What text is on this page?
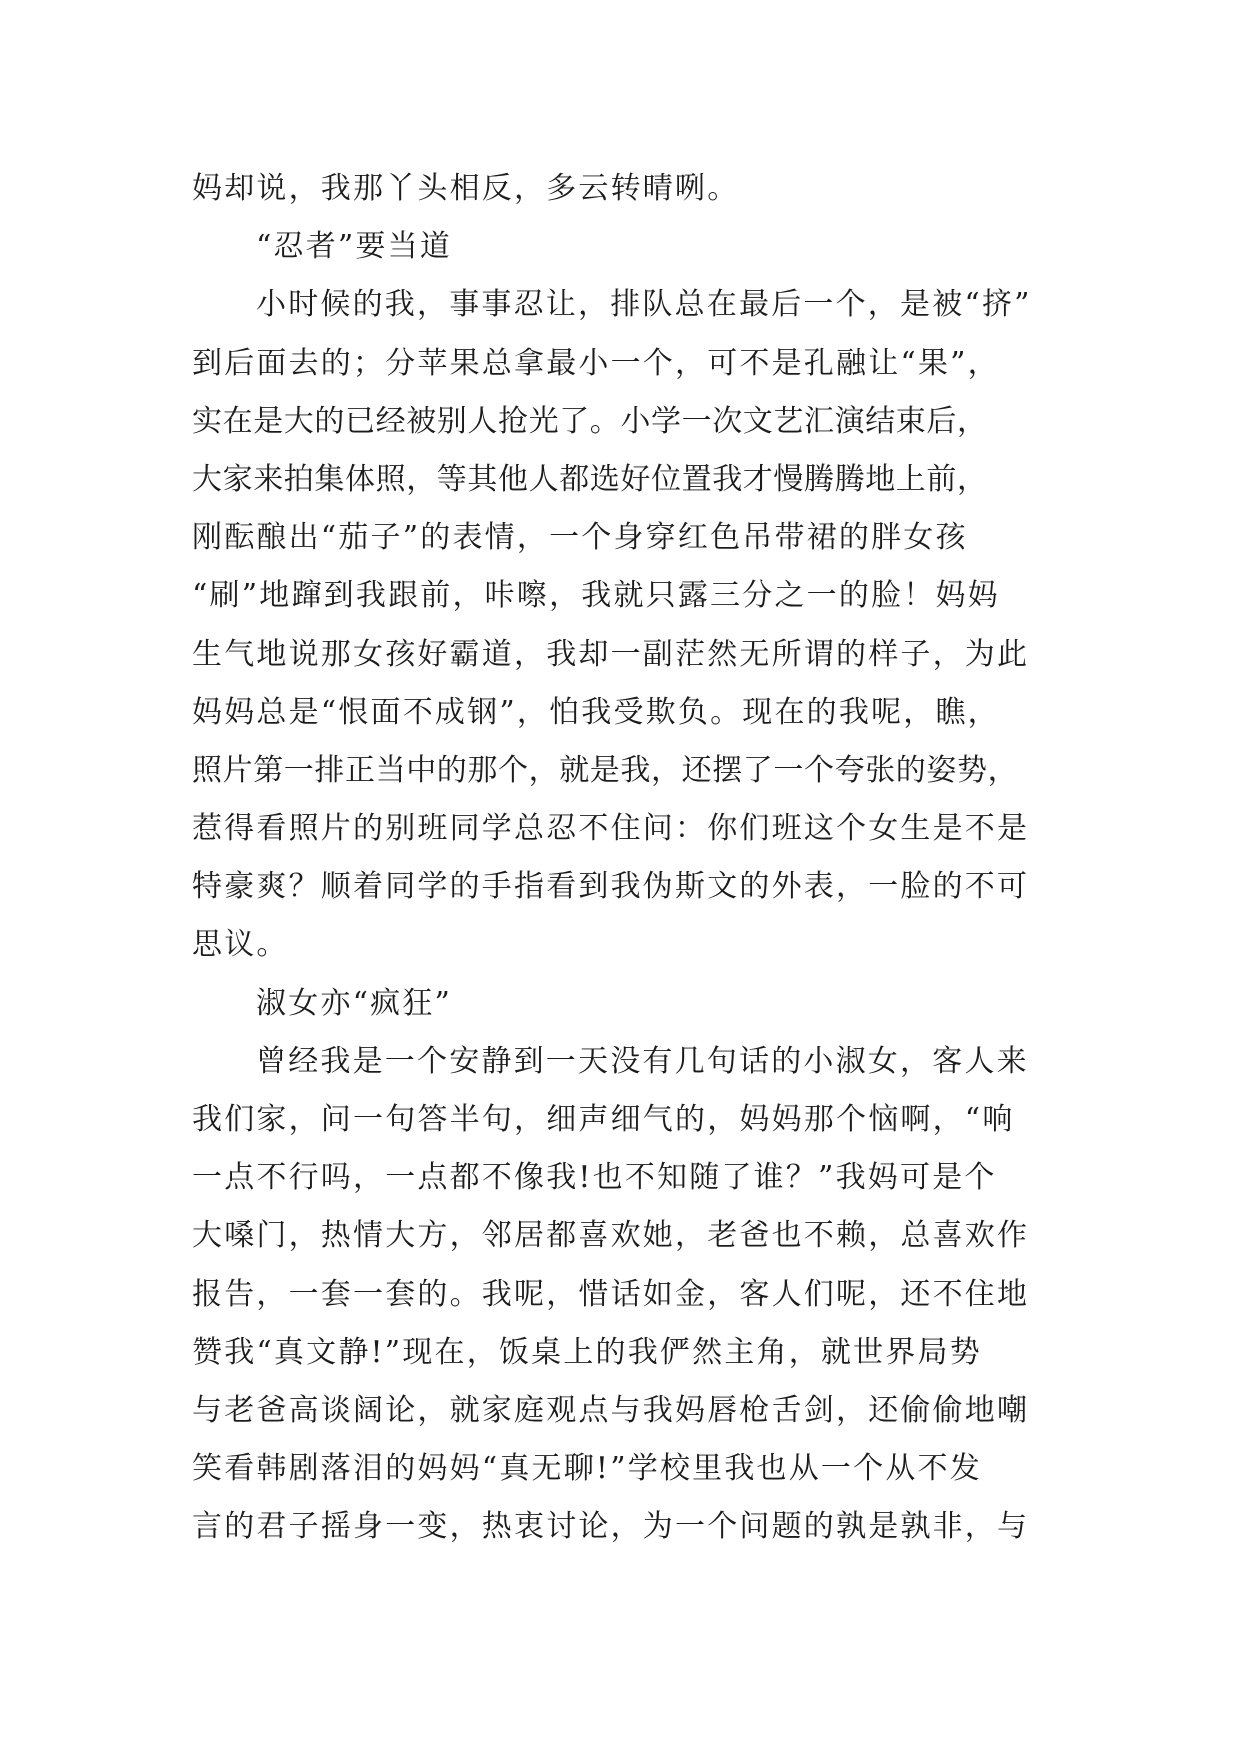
妈却说，我那丫头相反，多云转晴咧。
“忍者”要当道
小时候的我，事事忍让，排队总在最后一个，是被“挤”
到后面去的；分苹果总拿最小一个，可不是孔融让“果”，
实在是大的已经被别人抢光了。小学一次文艺汇演结束后，
大家来拍集体照，等其他人都选好位置我才慢腾腾地上前，
刚酝酿出“茄子”的表情，一个身穿红色吊带裙的胖女孩
“刷”地蹿到我跟前，咔嚓，我就只露三分之一的脸！妈妈
生气地说那女孩好霸道，我却一副茫然无所谓的样子，为此
妈妈总是“恨面不成钢”，怕我受欺负。现在的我呢，瞧，
照片第一排正当中的那个，就是我，还摆了一个夸张的姿势，
惹得看照片的别班同学总忍不住问：你们班这个女生是不是
特豪爽？顺着同学的手指看到我伪斯文的外表，一脸的不可
思议。
淑女亦“疯狂”
曾经我是一个安静到一天没有几句话的小淑女，客人来
我们家，问一句答半句，细声细气的，妈妈那个恼啊，“响
一点不行吗，一点都不像我!也不知随了谁？”我妈可是个
大嗓门，热情大方，邻居都喜欢她，老爸也不赖，总喜欢作
报告，一套一套的。我呢，惜话如金，客人们呢，还不住地
赞我“真文静!”现在，饭桌上的我俨然主角，就世界局势
与老爸高谈阔论，就家庭观点与我妈唇枪舌剑，还偷偷地嘲
笑看韩剧落泪的妈妈“真无聊!”学校里我也从一个从不发
言的君子摇身一变，热衷讨论，为一个问题的孰是孰非，与
